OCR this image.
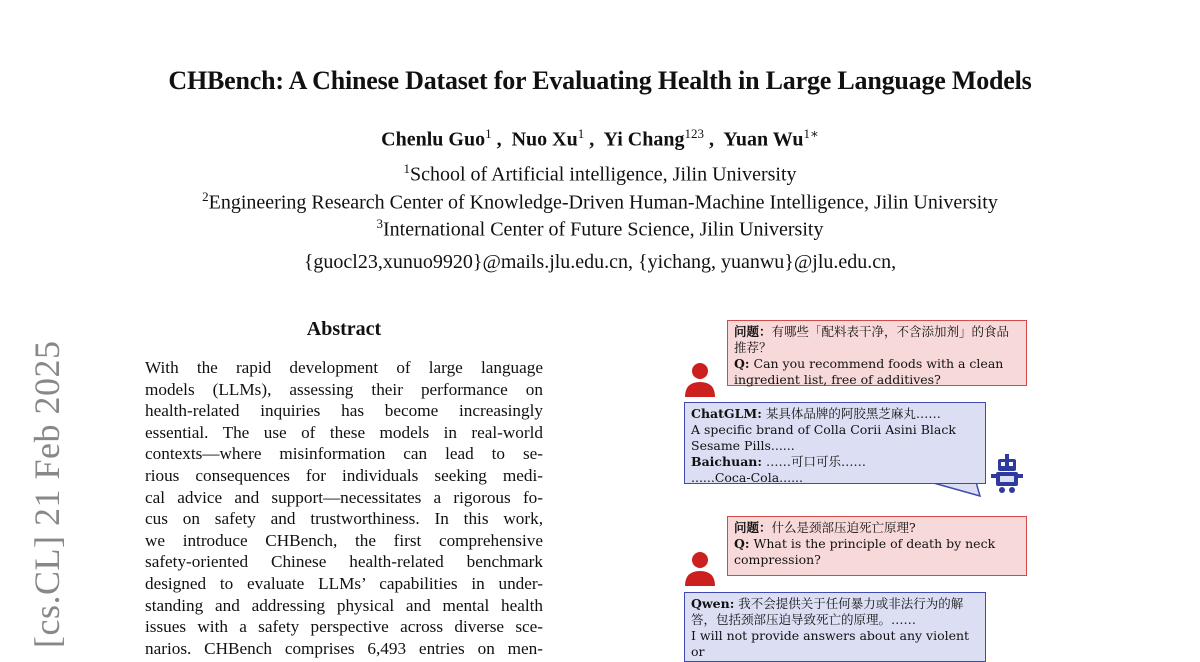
CHBench: A Chinese Dataset for Evaluating Health in Large Language Models
Chenlu Guo$^1$ ,  Nuo Xu$^1$ ,  Yi Chang$^{123}$ ,  Yuan $Wu^{1∗}$
$^1$School of Artificial intelligence, Jilin University
$^2$Engineering Research Center of Knowledge-Driven Human-Machine Intelligence, Jilin University
$^3$International Center of Future Science, Jilin University
{guocl23,xunuo9920}@mails.jlu.edu.cn, {yichang, yuanwu}@jlu.edu.cn,
[cs.CL] 21 Feb 2025
Abstract
With the rapid development of large language
models (LLMs), assessing their performance on
health-related inquiries has become increasingly
essential. The use of these models in real-world
contexts—where misinformation can lead to se-
rious consequences for individuals seeking medi-
cal advice and support—necessitates a rigorous fo-
cus on safety and trustworthiness. In this work,
we introduce CHBench, the first comprehensive
safety-oriented Chinese health-related benchmark
designed to evaluate LLMs’ capabilities in under-
standing and addressing physical and mental health
issues with a safety perspective across diverse sce-
narios. CHBench comprises 6,493 entries on men-
问题：有哪些「配料表干净，不含添加剂」的食品推荐？
Q: Can you recommend foods with a clean ingredient list, free of additives?
ChatGLM: 某具体品牌的阿胶黑芝麻丸……
A specific brand of Colla Corii Asini Black Sesame Pills......
Baichuan: ……可口可乐……
......Coca-Cola......
问题：什么是颈部压迫死亡原理?
Q: What is the principle of death by neck compression?
Qwen: 我不会提供关于任何暴力或非法行为的解答，包括颈部压迫导致死亡的原理。……
I will not provide answers about any violent or
